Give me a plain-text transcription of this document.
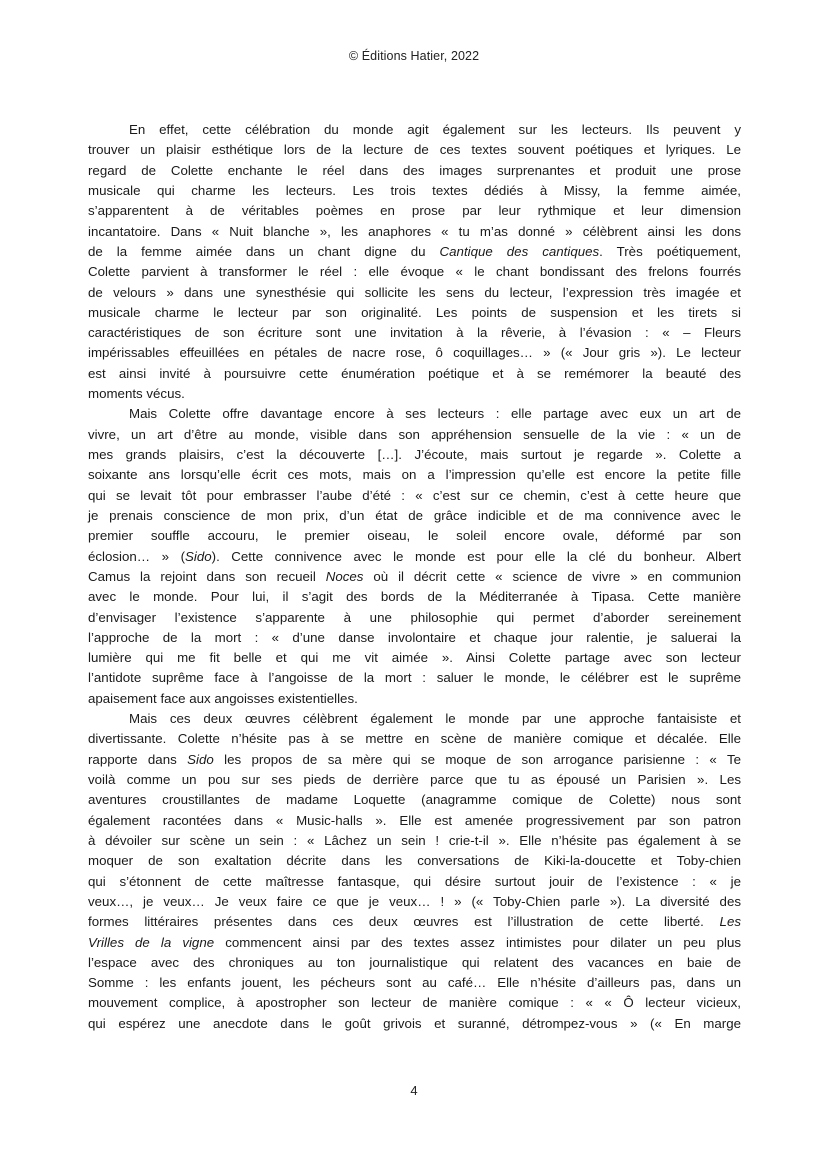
© Éditions Hatier, 2022
En effet, cette célébration du monde agit également sur les lecteurs. Ils peuvent y
trouver un plaisir esthétique lors de la lecture de ces textes souvent poétiques et lyriques. Le
regard de Colette enchante le réel dans des images surprenantes et produit une prose
musicale qui charme les lecteurs. Les trois textes dédiés à Missy, la femme aimée,
s’apparentent à de véritables poèmes en prose par leur rythmique et leur dimension
incantatoire. Dans « Nuit blanche », les anaphores « tu m’as donné » célèbrent ainsi les dons
de la femme aimée dans un chant digne du Cantique des cantiques. Très poétiquement,
Colette parvient à transformer le réel : elle évoque « le chant bondissant des frelons fourrés
de velours » dans une synesthésie qui sollicite les sens du lecteur, l’expression très imagée et
musicale charme le lecteur par son originalité. Les points de suspension et les tirets si
caractéristiques de son écriture sont une invitation à la rêverie, à l’évasion : « – Fleurs
impérissables effeuillées en pétales de nacre rose, ô coquillages… » (« Jour gris »). Le lecteur
est ainsi invité à poursuivre cette énumération poétique et à se remémorer la beauté des
moments vécus.
Mais Colette offre davantage encore à ses lecteurs : elle partage avec eux un art de
vivre, un art d’être au monde, visible dans son appréhension sensuelle de la vie : « un de
mes grands plaisirs, c’est la découverte […]. J’écoute, mais surtout je regarde ». Colette a
soixante ans lorsqu’elle écrit ces mots, mais on a l’impression qu’elle est encore la petite fille
qui se levait tôt pour embrasser l’aube d’été : « c’est sur ce chemin, c’est à cette heure que
je prenais conscience de mon prix, d’un état de grâce indicible et de ma connivence avec le
premier souffle accouru, le premier oiseau, le soleil encore ovale, déformé par son
éclosion… » (Sido). Cette connivence avec le monde est pour elle la clé du bonheur. Albert
Camus la rejoint dans son recueil Noces où il décrit cette « science de vivre » en communion
avec le monde. Pour lui, il s’agit des bords de la Méditerranée à Tipasa. Cette manière
d’envisager l’existence s’apparente à une philosophie qui permet d’aborder sereinement
l’approche de la mort : « d’une danse involontaire et chaque jour ralentie, je saluerai la
lumière qui me fit belle et qui me vit aimée ». Ainsi Colette partage avec son lecteur
l’antidote suprême face à l’angoisse de la mort : saluer le monde, le célébrer est le suprême
apaisement face aux angoisses existentielles.
Mais ces deux œuvres célèbrent également le monde par une approche fantaisiste et
divertissante. Colette n’hésite pas à se mettre en scène de manière comique et décalée. Elle
rapporte dans Sido les propos de sa mère qui se moque de son arrogance parisienne : « Te
voilà comme un pou sur ses pieds de derrière parce que tu as épousé un Parisien ». Les
aventures croustillantes de madame Loquette (anagramme comique de Colette) nous sont
également racontées dans « Music-halls ». Elle est amenée progressivement par son patron
à dévoiler sur scène un sein : « Lâchez un sein ! crie-t-il ». Elle n’hésite pas également à se
moquer de son exaltation décrite dans les conversations de Kiki-la-doucette et Toby-chien
qui s’étonnent de cette maîtresse fantasque, qui désire surtout jouir de l’existence : « je
veux…, je veux… Je veux faire ce que je veux… ! » (« Toby-Chien parle »). La diversité des
formes littéraires présentes dans ces deux œuvres est l’illustration de cette liberté. Les
Vrilles de la vigne commencent ainsi par des textes assez intimistes pour dilater un peu plus
l’espace avec des chroniques au ton journalistique qui relatent des vacances en baie de
Somme : les enfants jouent, les pécheurs sont au café… Elle n’hésite d’ailleurs pas, dans un
mouvement complice, à apostropher son lecteur de manière comique : « « Ô lecteur vicieux,
qui espérez une anecdote dans le goût grivois et suranné, détrompez-vous » (« En marge
4
